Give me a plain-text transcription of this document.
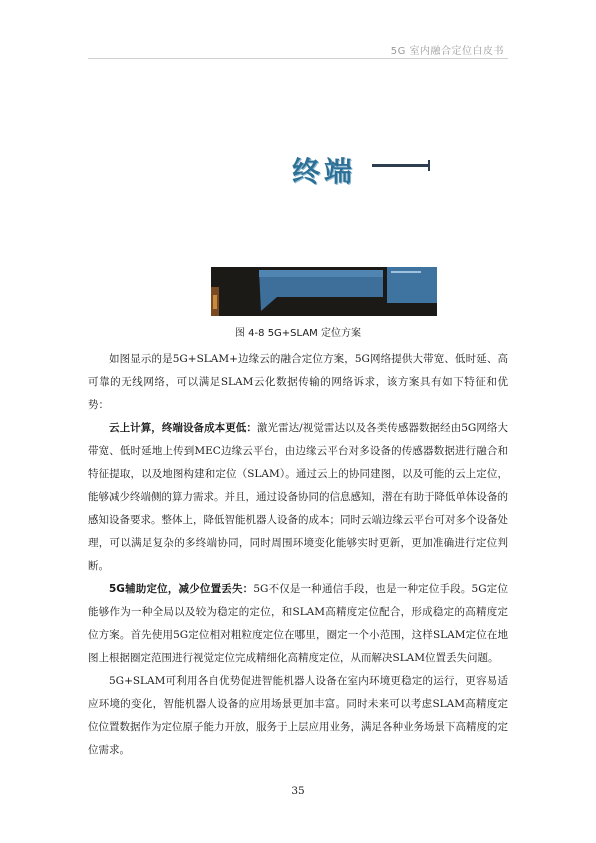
5G 室内融合定位白皮书
终端
图 4-8 5G+SLAM 定位方案

如图显示的是5G+SLAM+边缘云的融合定位方案，5G网络提供大带宽、低时延、高可靠的无线网络，可以满足SLAM云化数据传输的网络诉求，该方案具有如下特征和优势：

云上计算，终端设备成本更低：激光雷达/视觉雷达以及各类传感器数据经由5G网络大带宽、低时延地上传到MEC边缘云平台，由边缘云平台对多设备的传感器数据进行融合和特征提取，以及地图构建和定位（SLAM）。通过云上的协同建图，以及可能的云上定位，能够减少终端侧的算力需求。并且，通过设备协同的信息感知，潜在有助于降低单体设备的感知设备要求。整体上，降低智能机器人设备的成本；同时云端边缘云平台可对多个设备处理，可以满足复杂的多终端协同，同时周围环境变化能够实时更新，更加准确进行定位判断。

5G辅助定位，减少位置丢失：5G不仅是一种通信手段，也是一种定位手段。5G定位能够作为一种全局以及较为稳定的定位，和SLAM高精度定位配合，形成稳定的高精度定位方案。首先使用5G定位相对粗粒度定位在哪里，圈定一个小范围，这样SLAM定位在地图上根据圈定范围进行视觉定位完成精细化高精度定位，从而解决SLAM位置丢失问题。

5G+SLAM可利用各自优势促进智能机器人设备在室内环境更稳定的运行，更容易适应环境的变化，智能机器人设备的应用场景更加丰富。同时未来可以考虑SLAM高精度定位位置数据作为定位原子能力开放，服务于上层应用业务，满足各种业务场景下高精度的定位需求。

35
